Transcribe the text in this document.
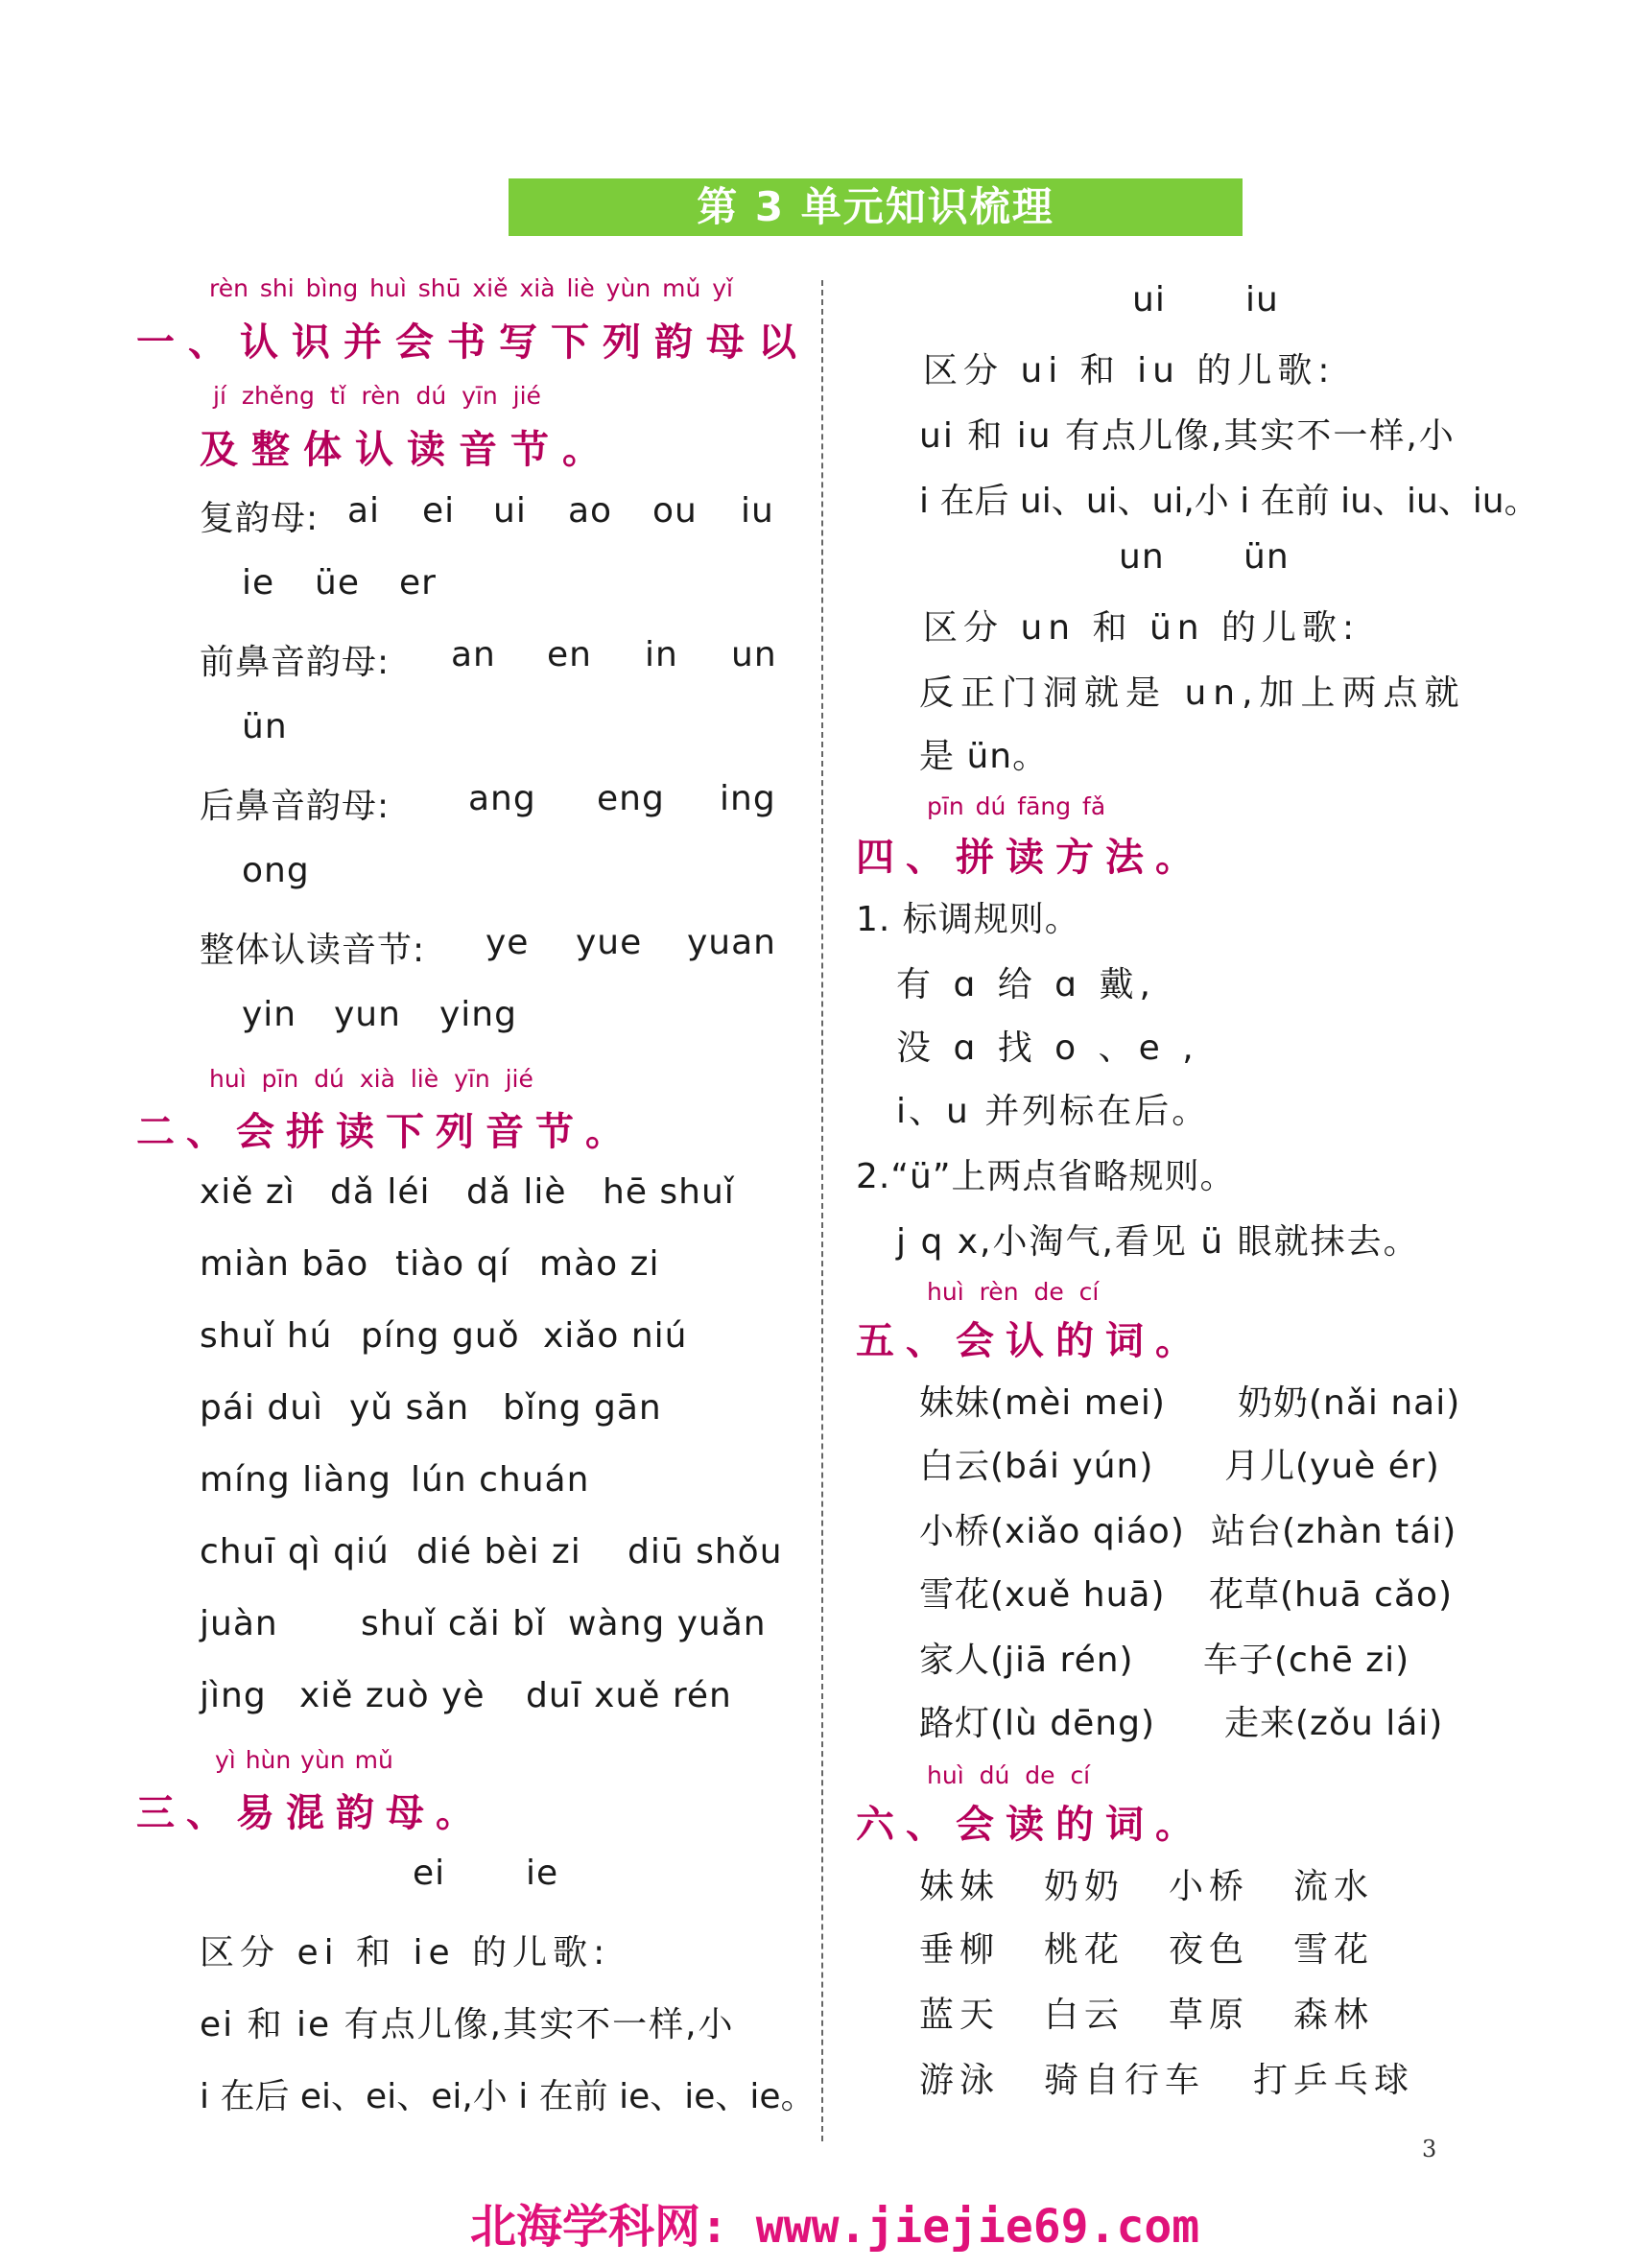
第 3 单元知识梳理
rèn shi bìng huì shū xiě xià liè yùn mǔ yǐ
一、认识并会书写下列韵母以
jí zhěng tǐ rèn dú yīn jié
及整体认读音节。
复韵母: ai ei ui ao ou iu
ie üe er
前鼻音韵母: an en in un
ün
后鼻音韵母: ang eng ing
ong
整体认读音节: ye yue yuan
yin yun ying
huì pīn dú xià liè yīn jié
二、会拼读下列音节。
xiě zì dǎ léi dǎ liè hē shuǐ
miàn bāo tiào qí mào zi
shuǐ hú píng guǒ xiǎo niú
pái duì yǔ sǎn bǐng gān
míng liàng lún chuán
chuī qì qiú dié bèi zi diū shǒu
juàn shuǐ cǎi bǐ wàng yuǎn
jìng xiě zuò yè duī xuě rén
yì hùn yùn mǔ
三、易混韵母。
ei ie
区分 ei 和 ie 的儿歌:
ei 和 ie 有点儿像,其实不一样,小
i 在后 ei、ei、ei,小 i 在前 ie、ie、ie。
ui iu
区分 ui 和 iu 的儿歌:
ui 和 iu 有点儿像,其实不一样,小
i 在后 ui、ui、ui,小 i 在前 iu、iu、iu。
un ün
区分 un 和 ün 的儿歌:
反正门洞就是 un,加上两点就
是 ün。
pīn dú fāng fǎ
四、拼读方法。
1. 标调规则。
有 ɑ 给 ɑ 戴,
没 ɑ 找 o 、e ,
i、u 并列标在后。
2.“ü”上两点省略规则。
j q x,小淘气,看见 ü 眼就抹去。
huì rèn de cí
五、会认的词。
妹妹(mèi mei) 奶奶(nǎi nai)
白云(bái yún) 月儿(yuè ér)
小桥(xiǎo qiáo) 站台(zhàn tái)
雪花(xuě huā) 花草(huā cǎo)
家人(jiā rén) 车子(chē zi)
路灯(lù dēng) 走来(zǒu lái)
huì dú de cí
六、会读的词。
妹妹 奶奶 小桥 流水
垂柳 桃花 夜色 雪花
蓝天 白云 草原 森林
游泳 骑自行车 打乒乓球
3
北海学科网: www.jiejie69.com
